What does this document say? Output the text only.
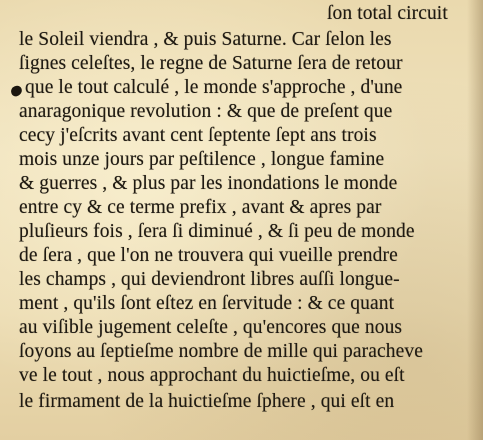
ſon total circuit
le Soleil viendra , & puis Saturne. Car ſelon les
ſignes celeſtes, le regne de Saturne ſera de retour
que le tout calculé , le monde s'approche , d'une
anaragonique revolution : & que de preſent que
cecy j'eſcrits avant cent ſeptente ſept ans trois
mois unze jours par peſtilence , longue famine
& guerres , & plus par les inondations le monde
entre cy & ce terme prefix , avant & apres par
pluſieurs fois , ſera ſi diminué , & ſi peu de monde
de ſera , que l'on ne trouvera qui vueille prendre
les champs , qui deviendront libres auſſi longue-
ment , qu'ils ſont eſtez en ſervitude : & ce quant
au viſible jugement celeſte , qu'encores que nous
ſoyons au ſeptieſme nombre de mille qui paracheve
ve le tout , nous approchant du huictieſme, ou eſt
le firmament de la huictieſme ſphere , qui eſt en
